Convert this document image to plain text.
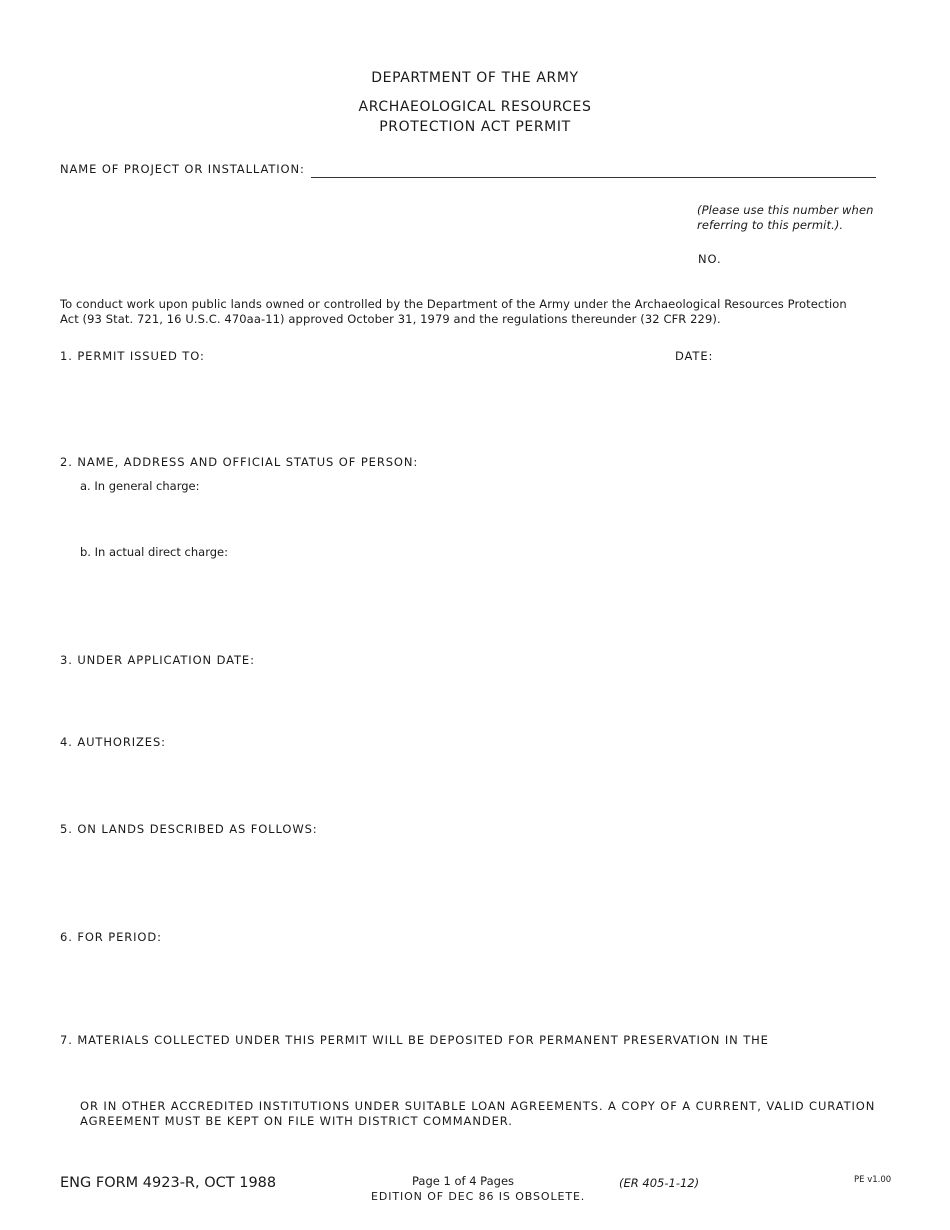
DEPARTMENT OF THE ARMY
ARCHAEOLOGICAL RESOURCES
PROTECTION ACT PERMIT
NAME OF PROJECT OR INSTALLATION:
(Please use this number when
referring to this permit.).
NO.
To conduct work upon public lands owned or controlled by the Department of the Army under the Archaeological Resources Protection
Act (93 Stat. 721, 16 U.S.C. 470aa-11) approved October 31, 1979 and the regulations thereunder (32 CFR 229).
1. PERMIT ISSUED TO:	DATE:
2. NAME, ADDRESS AND OFFICIAL STATUS OF PERSON:
a. In general charge:
b. In actual direct charge:
3. UNDER APPLICATION DATE:
4. AUTHORIZES:
5. ON LANDS DESCRIBED AS FOLLOWS:
6. FOR PERIOD:
7. MATERIALS COLLECTED UNDER THIS PERMIT WILL BE DEPOSITED FOR PERMANENT PRESERVATION IN THE
OR IN OTHER ACCREDITED INSTITUTIONS UNDER SUITABLE LOAN AGREEMENTS. A COPY OF A CURRENT, VALID CURATION
AGREEMENT MUST BE KEPT ON FILE WITH DISTRICT COMMANDER.
ENG FORM 4923-R, OCT 1988	Page 1 of 4 Pages
EDITION OF DEC 86 IS OBSOLETE.
(ER 405-1-12)	PE v1.00
